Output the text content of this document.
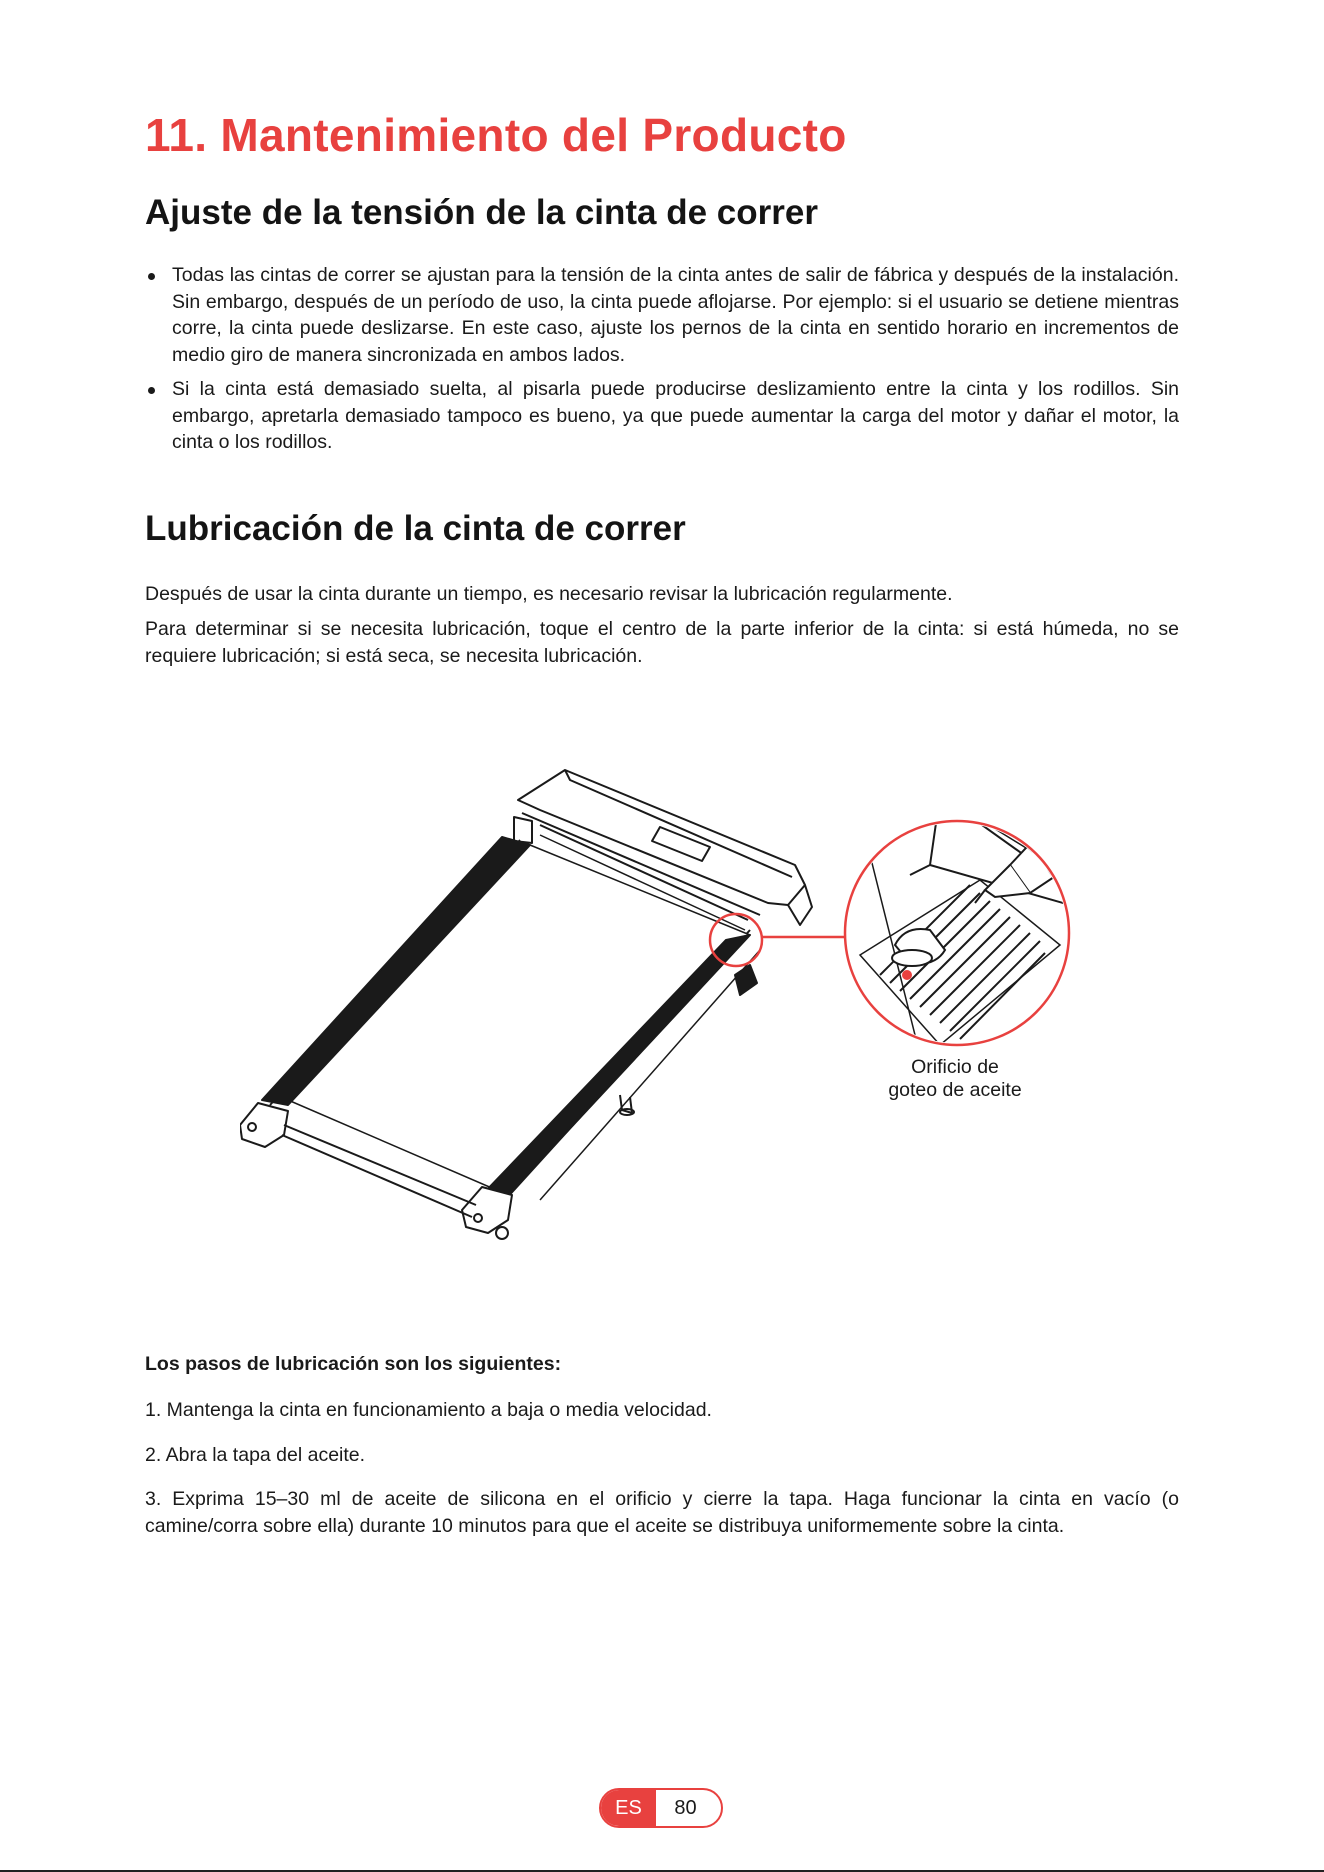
11. Mantenimiento del Producto
Ajuste de la tensión de la cinta de correr
Todas las cintas de correr se ajustan para la tensión de la cinta antes de salir de fábrica y después de la instalación. Sin embargo, después de un período de uso, la cinta puede aflojarse. Por ejemplo: si el usuario se detiene mientras corre, la cinta puede deslizarse. En este caso, ajuste los pernos de la cinta en sentido horario en incrementos de medio giro de manera sincronizada en ambos lados.
Si la cinta está demasiado suelta, al pisarla puede producirse deslizamiento entre la cinta y los rodillos. Sin embargo, apretarla demasiado tampoco es bueno, ya que puede aumentar la carga del motor y dañar el motor, la cinta o los rodillos.
Lubricación de la cinta de correr

Después de usar la cinta durante un tiempo, es necesario revisar la lubricación regularmente.

Para determinar si se necesita lubricación, toque el centro de la parte inferior de la cinta: si está húmeda, no se requiere lubricación; si está seca, se necesita lubricación.

Los pasos de lubricación son los siguientes:

1. Mantenga la cinta en funcionamiento a baja o media velocidad.

2. Abra la tapa del aceite.

3. Exprima 15–30 ml de aceite de silicona en el orificio y cierre la tapa. Haga funcionar la cinta en vacío (o camine/corra sobre ella) durante 10 minutos para que el aceite se distribuya uniformemente sobre la cinta.

Orificio de
goteo de aceite
ES	80
